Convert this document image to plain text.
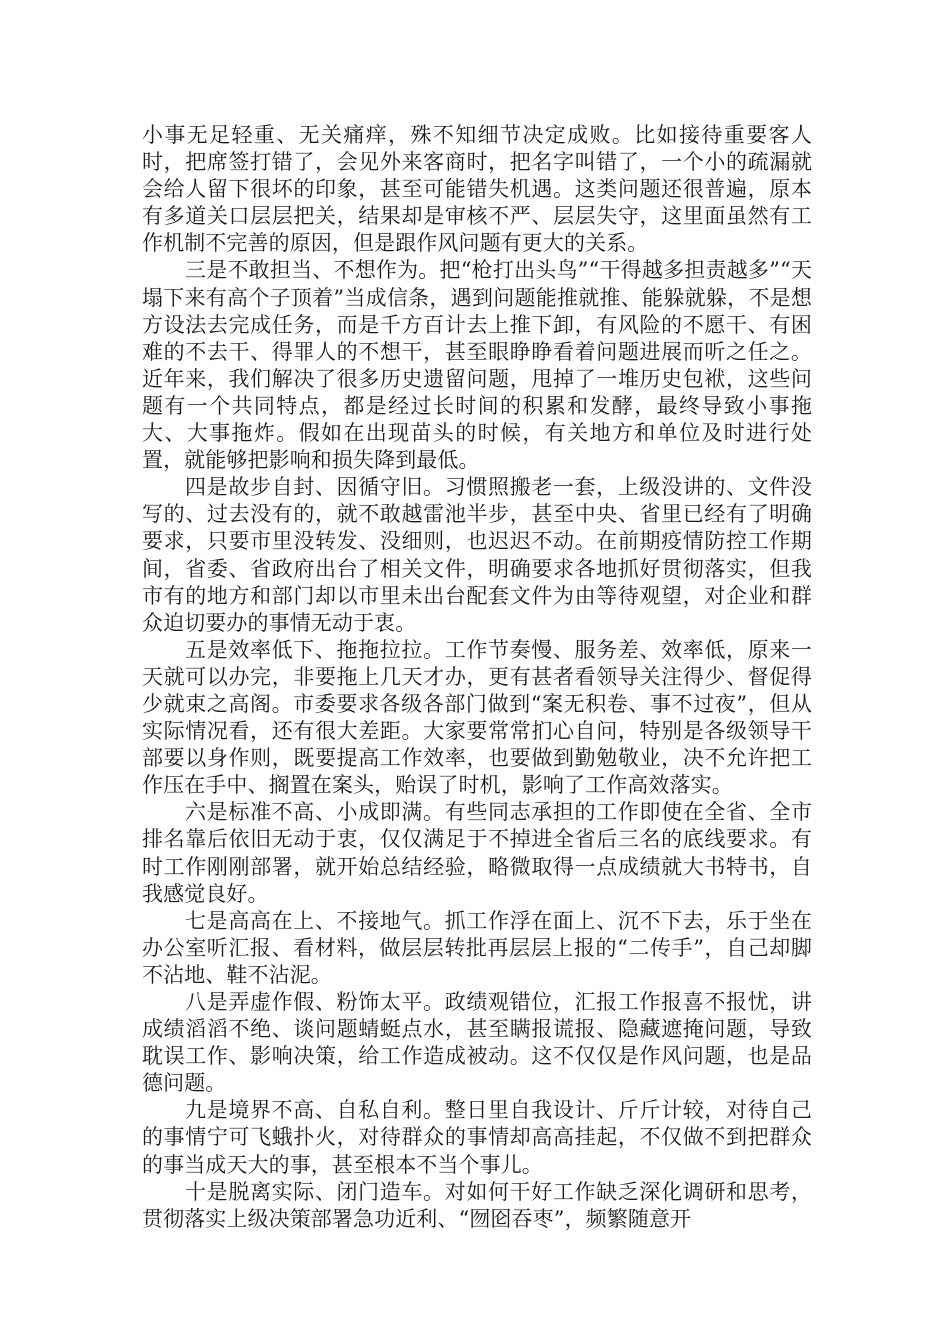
小事无足轻重、无关痛痒，殊不知细节决定成败。比如接待重要客人时，把席签打错了，会见外来客商时，把名字叫错了，一个小的疏漏就会给人留下很坏的印象，甚至可能错失机遇。这类问题还很普遍，原本有多道关口层层把关，结果却是审核不严、层层失守，这里面虽然有工作机制不完善的原因，但是跟作风问题有更大的关系。

三是不敢担当、不想作为。把“枪打出头鸟”“干得越多担责越多”“天塌下来有高个子顶着”当成信条，遇到问题能推就推、能躲就躲，不是想方设法去完成任务，而是千方百计去上推下卸，有风险的不愿干、有困难的不去干、得罪人的不想干，甚至眼睁睁看着问题进展而听之任之。近年来，我们解决了很多历史遗留问题，甩掉了一堆历史包袱，这些问题有一个共同特点，都是经过长时间的积累和发酵，最终导致小事拖大、大事拖炸。假如在出现苗头的时候，有关地方和单位及时进行处置，就能够把影响和损失降到最低。

四是故步自封、因循守旧。习惯照搬老一套，上级没讲的、文件没写的、过去没有的，就不敢越雷池半步，甚至中央、省里已经有了明确要求，只要市里没转发、没细则，也迟迟不动。在前期疫情防控工作期间，省委、省政府出台了相关文件，明确要求各地抓好贯彻落实，但我市有的地方和部门却以市里未出台配套文件为由等待观望，对企业和群众迫切要办的事情无动于衷。

五是效率低下、拖拖拉拉。工作节奏慢、服务差、效率低，原来一天就可以办完，非要拖上几天才办，更有甚者看领导关注得少、督促得少就束之高阁。市委要求各级各部门做到“案无积卷、事不过夜”，但从实际情况看，还有很大差距。大家要常常扪心自问，特别是各级领导干部要以身作则，既要提高工作效率，也要做到勤勉敬业，决不允许把工作压在手中、搁置在案头，贻误了时机，影响了工作高效落实。

六是标准不高、小成即满。有些同志承担的工作即使在全省、全市排名靠后依旧无动于衷，仅仅满足于不掉进全省后三名的底线要求。有时工作刚刚部署，就开始总结经验，略微取得一点成绩就大书特书，自我感觉良好。

七是高高在上、不接地气。抓工作浮在面上、沉不下去，乐于坐在办公室听汇报、看材料，做层层转批再层层上报的“二传手”，自己却脚不沾地、鞋不沾泥。

八是弄虚作假、粉饰太平。政绩观错位，汇报工作报喜不报忧，讲成绩滔滔不绝、谈问题蜻蜓点水，甚至瞒报谎报、隐藏遮掩问题，导致耽误工作、影响决策，给工作造成被动。这不仅仅是作风问题，也是品德问题。

九是境界不高、自私自利。整日里自我设计、斤斤计较，对待自己的事情宁可飞蛾扑火，对待群众的事情却高高挂起，不仅做不到把群众的事当成天大的事，甚至根本不当个事儿。

十是脱离实际、闭门造车。对如何干好工作缺乏深化调研和思考，贯彻落实上级决策部署急功近利、“囫囵吞枣”，频繁随意开
